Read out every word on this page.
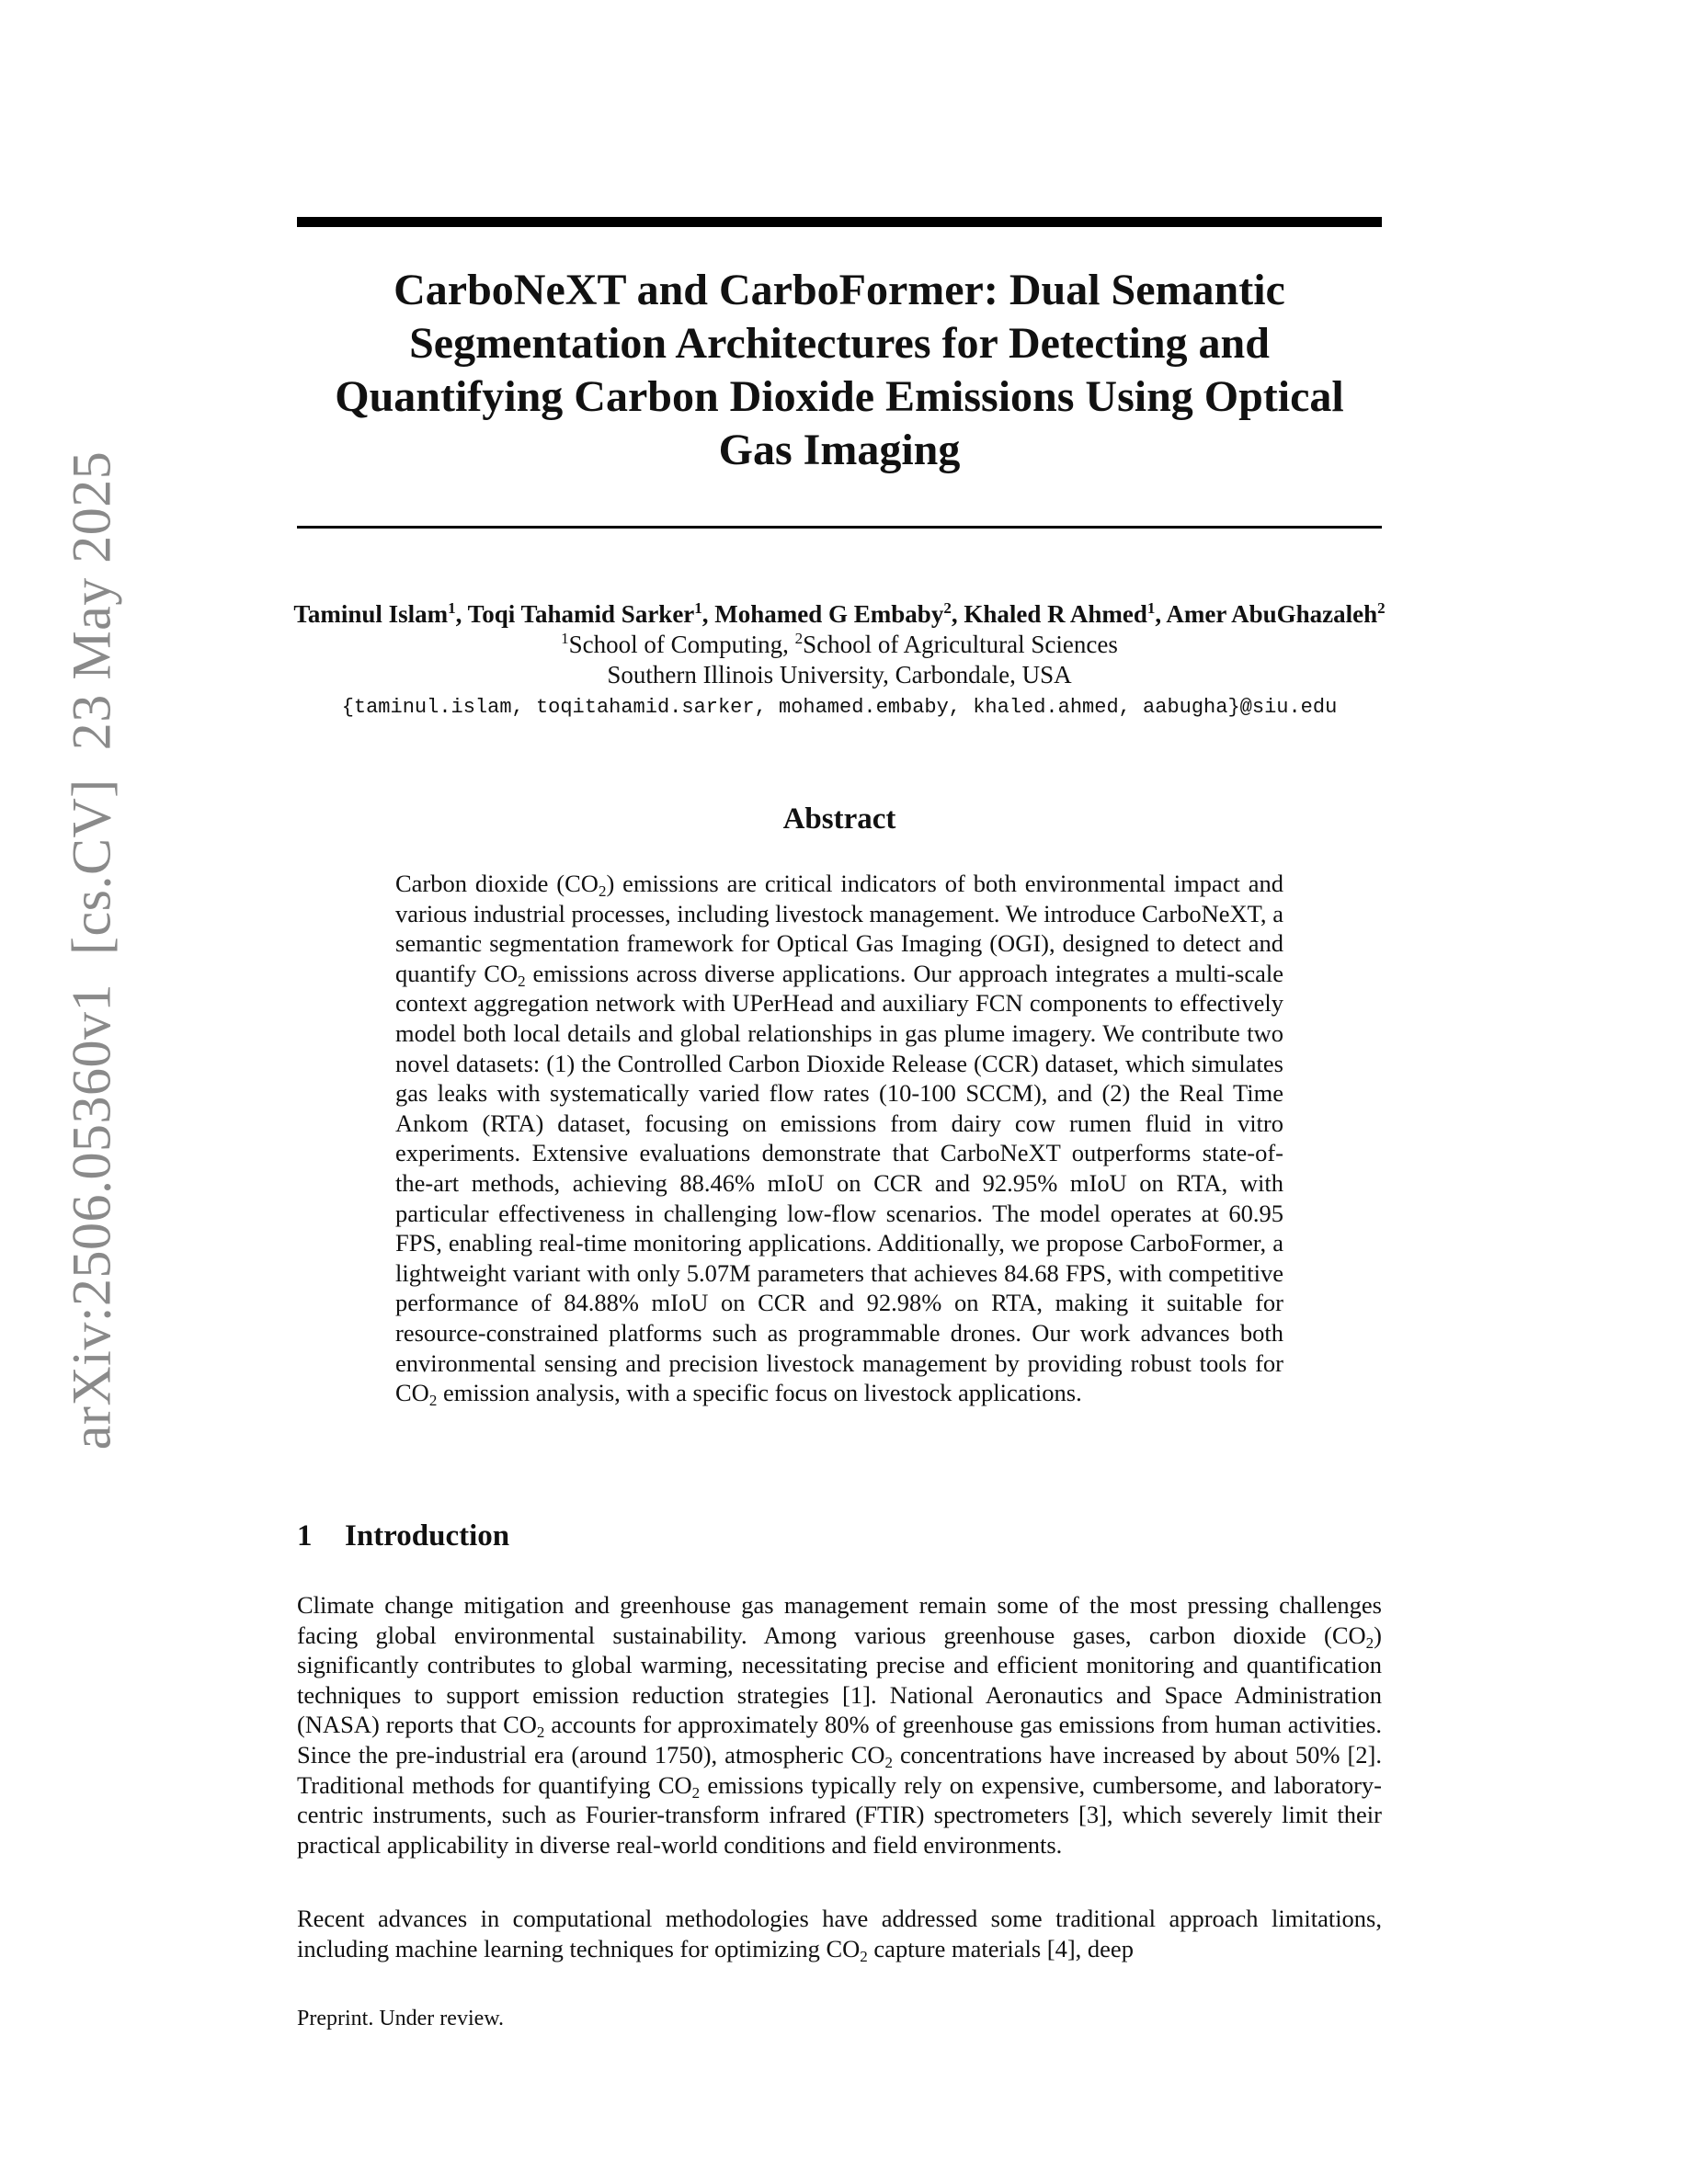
arXiv:2506.05360v1  [cs.CV]  23 May 2025
CarboNeXT and CarboFormer: Dual Semantic
Segmentation Architectures for Detecting and
Quantifying Carbon Dioxide Emissions Using Optical
Gas Imaging
Taminul Islam$^1$, Toqi Tahamid Sarker$^1$, Mohamed G Embaby$^2$, Khaled R Ahmed$^1$, Amer AbuGhazaleh$^2$
$^1$School of Computing, $^2$School of Agricultural Sciences
Southern Illinois University, Carbondale, USA
{taminul.islam, toqitahamid.sarker, mohamed.embaby, khaled.ahmed, aabugha}@siu.edu
Abstract
Carbon dioxide $(CO_2)$ emissions are critical indicators of both environmental impact and various industrial processes, including livestock management. We introduce CarboNeXT, a semantic segmentation framework for Optical Gas Imaging (OGI), designed to detect and quantify $CO_2$ emissions across diverse applications. Our approach integrates a multi-scale context aggregation network with UPerHead and auxiliary FCN components to effectively model both local details and global relationships in gas plume imagery. We contribute two novel datasets: (1) the Controlled Carbon Dioxide Release (CCR) dataset, which simulates gas leaks with systematically varied flow rates (10-100 SCCM), and (2) the Real Time Ankom (RTA) dataset, focusing on emissions from dairy cow rumen fluid in vitro experiments. Extensive evaluations demonstrate that CarboNeXT outperforms state-of-the-art methods, achieving 88.46% mIoU on CCR and 92.95% mIoU on RTA, with particular effectiveness in challenging low-flow scenarios. The model operates at 60.95 FPS, enabling real-time monitoring applications. Additionally, we propose CarboFormer, a lightweight variant with only 5.07M parameters that achieves 84.68 FPS, with competitive performance of 84.88% mIoU on CCR and 92.98% on RTA, making it suitable for resource-constrained platforms such as programmable drones. Our work advances both environmental sensing and precision livestock management by providing robust tools for $CO_2$ emission analysis, with a specific focus on livestock applications.
1 Introduction

Climate change mitigation and greenhouse gas management remain some of the most pressing challenges facing global environmental sustainability. Among various greenhouse gases, carbon dioxide $(CO_2)$ significantly contributes to global warming, necessitating precise and efficient monitoring and quantification techniques to support emission reduction strategies [1]. National Aeronautics and Space Administration (NASA) reports that $CO_2$ accounts for approximately 80% of greenhouse gas emissions from human activities. Since the pre-industrial era (around 1750), atmospheric $CO_2$ concentrations have increased by about 50% [2]. Traditional methods for quantifying $CO_2$ emissions typically rely on expensive, cumbersome, and laboratory-centric instruments, such as Fourier-transform infrared (FTIR) spectrometers [3], which severely limit their practical applicability in diverse real-world conditions and field environments.

Recent advances in computational methodologies have addressed some traditional approach limitations, including machine learning techniques for optimizing $CO_2$ capture materials [4], deep

Preprint. Under review.
